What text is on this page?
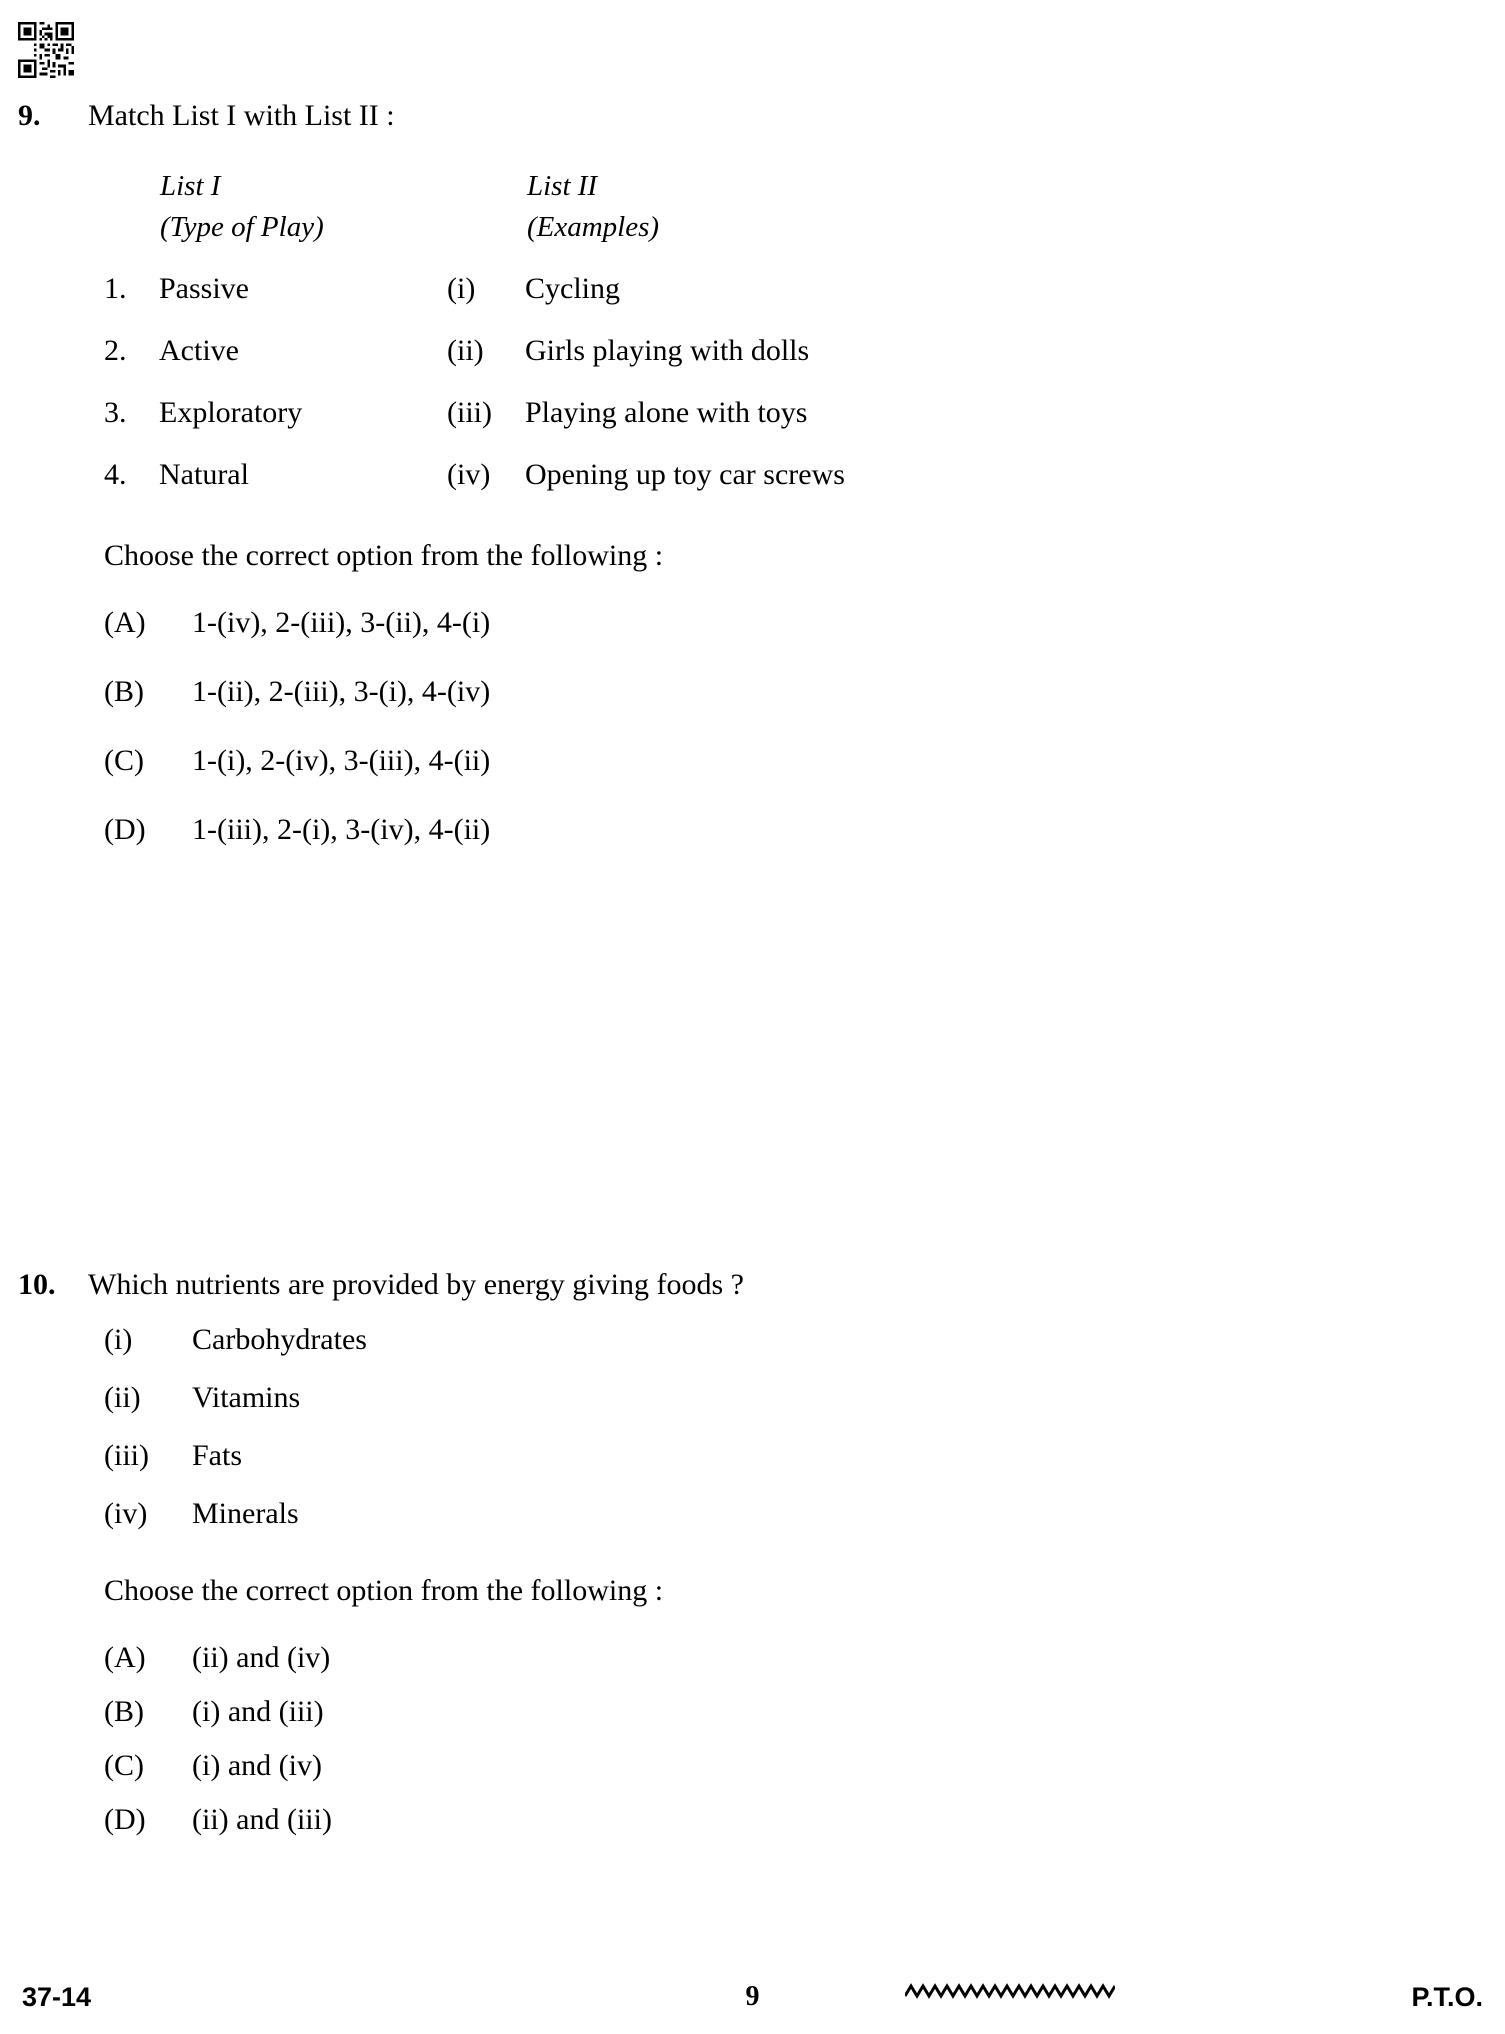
9.	Match List I with List II :
List I
(Type of Play)
List II
(Examples)
1.	Passive	(i)	Cycling
2.	Active	(ii)	Girls playing with dolls
3.	Exploratory	(iii)	Playing alone with toys
4.	Natural	(iv)	Opening up toy car screws
Choose the correct option from the following :
(A)	1-(iv), 2-(iii), 3-(ii), 4-(i)
(B)	1-(ii), 2-(iii), 3-(i), 4-(iv)
(C)	1-(i), 2-(iv), 3-(iii), 4-(ii)
(D)	1-(iii), 2-(i), 3-(iv), 4-(ii)
10.	Which nutrients are provided by energy giving foods ?
(i)	Carbohydrates
(ii)	Vitamins
(iii)	Fats
(iv)	Minerals
Choose the correct option from the following :
(A)	(ii) and (iv)
(B)	(i) and (iii)
(C)	(i) and (iv)
(D)	(ii) and (iii)
37-14	9	P.T.O.
